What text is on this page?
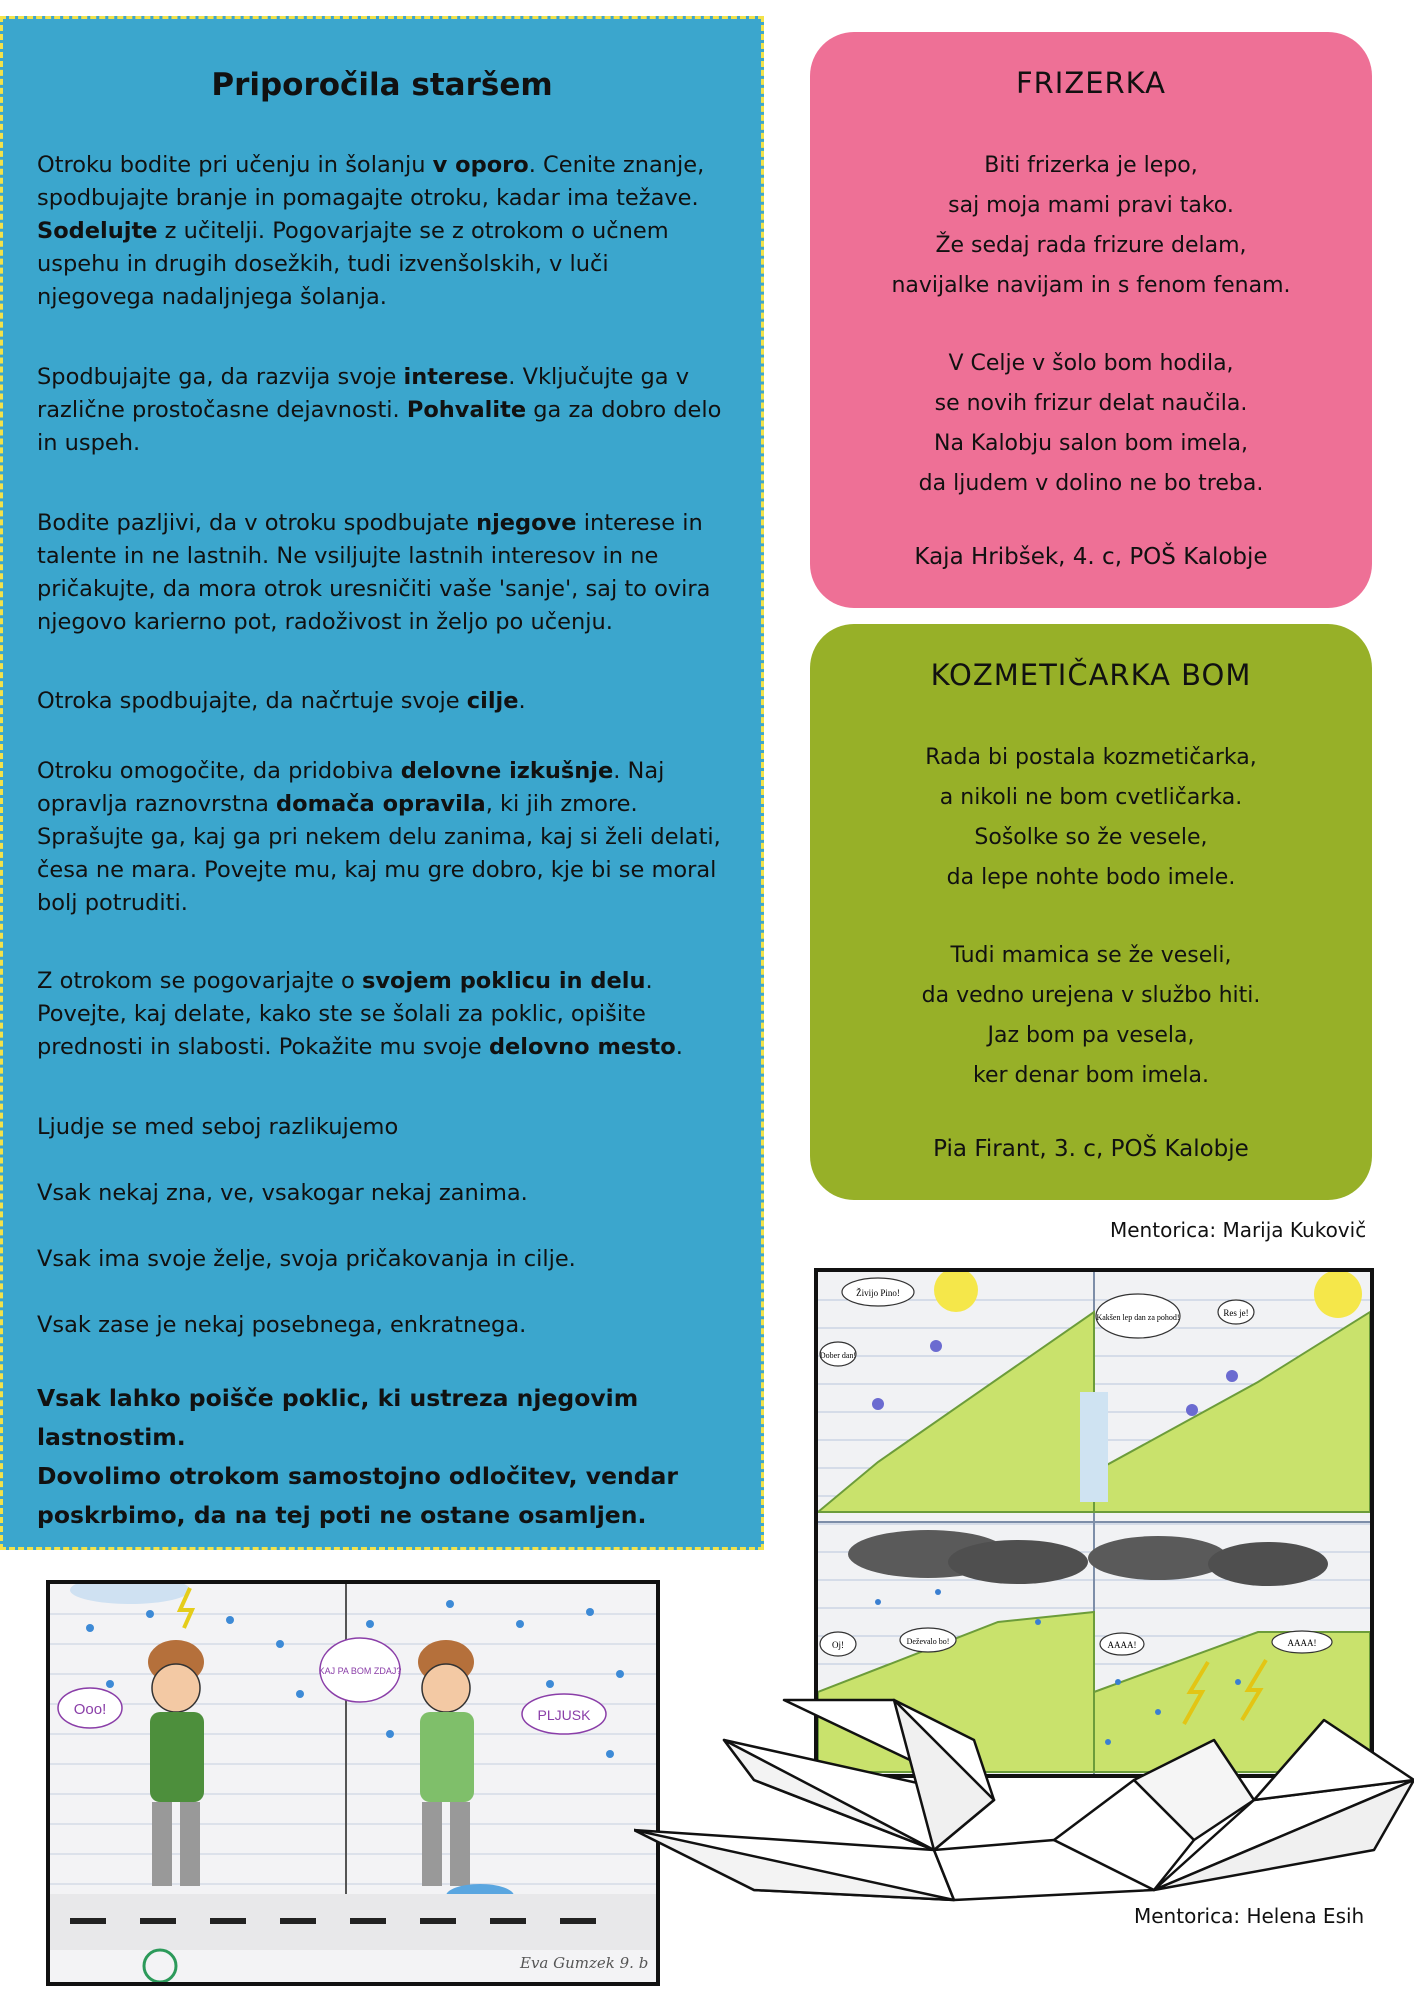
Priporočila staršem

Otroku bodite pri učenju in šolanju v oporo. Cenite znanje, spodbujajte branje in pomagajte otroku, kadar ima težave. Sodelujte z učitelji. Pogovarjajte se z otrokom o učnem uspehu in drugih dosežkih, tudi izvenšolskih, v luči njegovega nadaljnjega šolanja.

Spodbujajte ga, da razvija svoje interese. Vključujte ga v različne prostočasne dejavnosti. Pohvalite ga za dobro delo in uspeh.

Bodite pazljivi, da v otroku spodbujate njegove interese in talente in ne lastnih. Ne vsiljujte lastnih interesov in ne pričakujte, da mora otrok uresničiti vaše 'sanje', saj to ovira njegovo karierno pot, radoživost in željo po učenju.

Otroka spodbujajte, da načrtuje svoje cilje.

Otroku omogočite, da pridobiva delovne izkušnje. Naj opravlja raznovrstna domača opravila, ki jih zmore. Sprašujte ga, kaj ga pri nekem delu zanima, kaj si želi delati, česa ne mara. Povejte mu, kaj mu gre dobro, kje bi se moral bolj potruditi.

Z otrokom se pogovarjajte o svojem poklicu in delu. Povejte, kaj delate, kako ste se šolali za poklic, opišite prednosti in slabosti. Pokažite mu svoje delovno mesto.

Ljudje se med seboj razlikujemo

Vsak nekaj zna, ve, vsakogar nekaj zanima.

Vsak ima svoje želje, svoja pričakovanja in cilje.

Vsak zase je nekaj posebnega, enkratnega.

Vsak lahko poišče poklic, ki ustreza njegovim lastnostim.

Dovolimo otrokom samostojno odločitev, vendar poskrbimo, da na tej poti ne ostane osamljen.

FRIZERKA
Biti frizerka je lepo,
saj moja mami pravi tako.
Že sedaj rada frizure delam,
navijalke navijam in s fenom fenam.
V Celje v šolo bom hodila,
se novih frizur delat naučila.
Na Kalobju salon bom imela,
da ljudem v dolino ne bo treba.
Kaja Hribšek, 4. c, POŠ Kalobje
KOZMETIČARKA BOM
Rada bi postala kozmetičarka,
a nikoli ne bom cvetličarka.
Sošolke so že vesele,
da lepe nohte bodo imele.
Tudi mamica se že veseli,
da vedno urejena v službo hiti.
Jaz bom pa vesela,
ker denar bom imela.
Pia Firant, 3. c, POŠ Kalobje
Mentorica: Marija Kukovič
Živijo Pino!
Kakšen lep dan za pohod!	Res je!
Dober dan!
Oj!	Deževalo bo!	AAAA!	AAAA!
Ooo!
KAJ PA BOM ZDAJ?
PLJUSK
Eva Gumzek 9. b
Mentorica: Helena Esih
